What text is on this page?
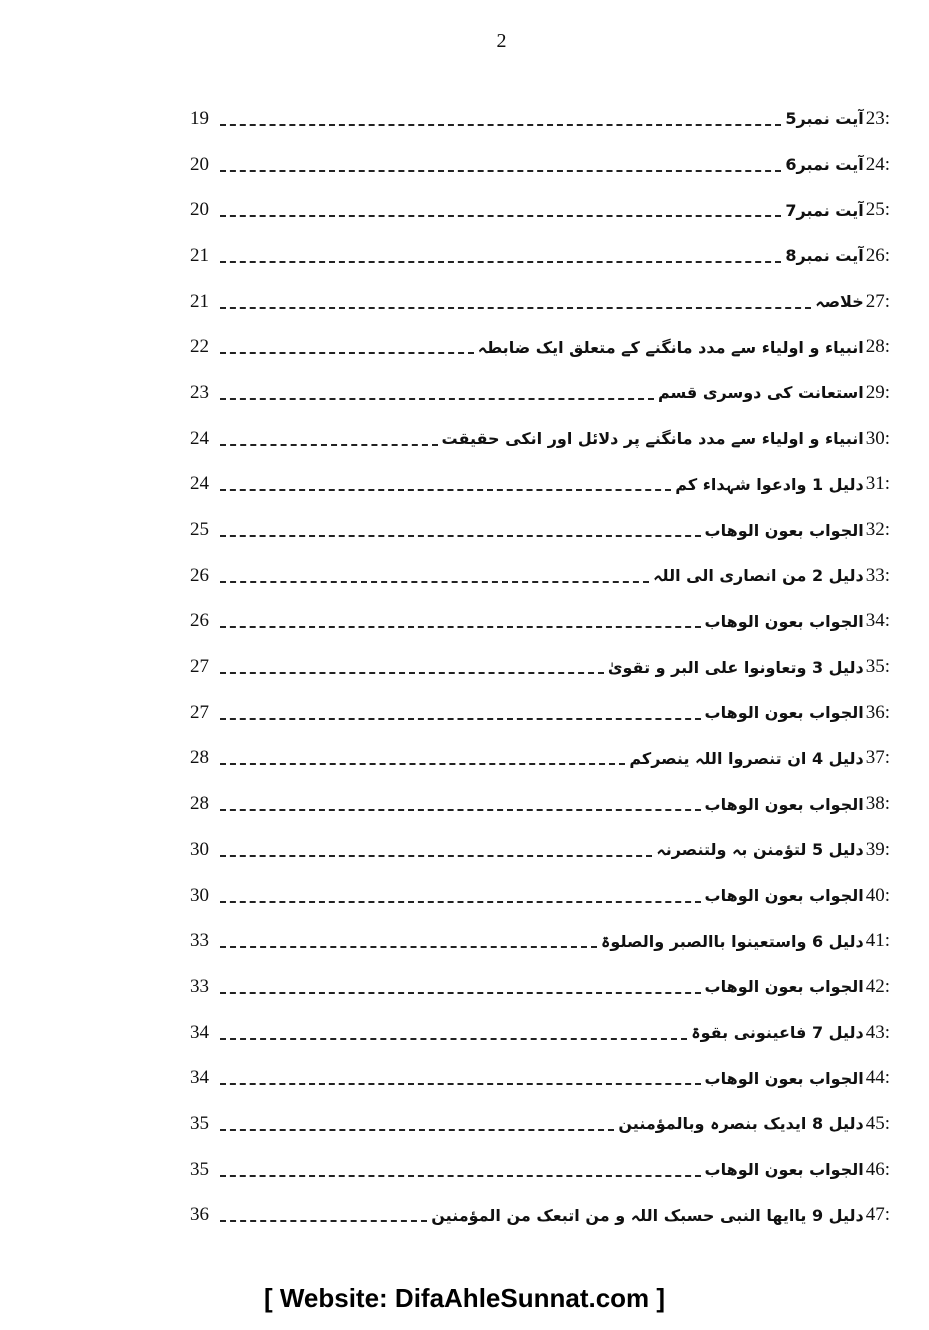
2
23:
آیت نمبر5
19
24:
آیت نمبر6
20
25:
آیت نمبر7
20
26:
آیت نمبر8
21
27:
خلاصہ
21
28:
انبیاء و اولیاء سے مدد مانگنے کے متعلق ایک ضابطہ
22
29:
استعانت کی دوسری قسم
23
30:
انبیاء و اولیاء سے مدد مانگنے پر دلائل اور انکی حقیقت
24
31:
دلیل 1 وادعوا شہداء کم
24
32:
الجواب بعون الوھاب
25
33:
دلیل 2 من انصاری الی اللہ
26
34:
الجواب بعون الوھاب
26
35:
دلیل 3 وتعاونوا علی البر و تقویٰ
27
36:
الجواب بعون الوھاب
27
37:
دلیل 4 ان تنصروا اللہ ینصرکم
28
38:
الجواب بعون الوھاب
28
39:
دلیل 5 لتؤمنن بہ ولتنصرنہ
30
40:
الجواب بعون الوھاب
30
41:
دلیل 6 واستعینوا باالصبر والصلوۃ
33
42:
الجواب بعون الوھاب
33
43:
دلیل 7 فاعینونی بقوۃ
34
44:
الجواب بعون الوھاب
34
45:
دلیل 8 ایدیک بنصرہ وبالمؤمنین
35
46:
الجواب بعون الوھاب
35
47:
دلیل 9 یاایھا النبی حسبک اللہ و من اتبعک من المؤمنین
36
[ Website: DifaAhleSunnat.com ]
